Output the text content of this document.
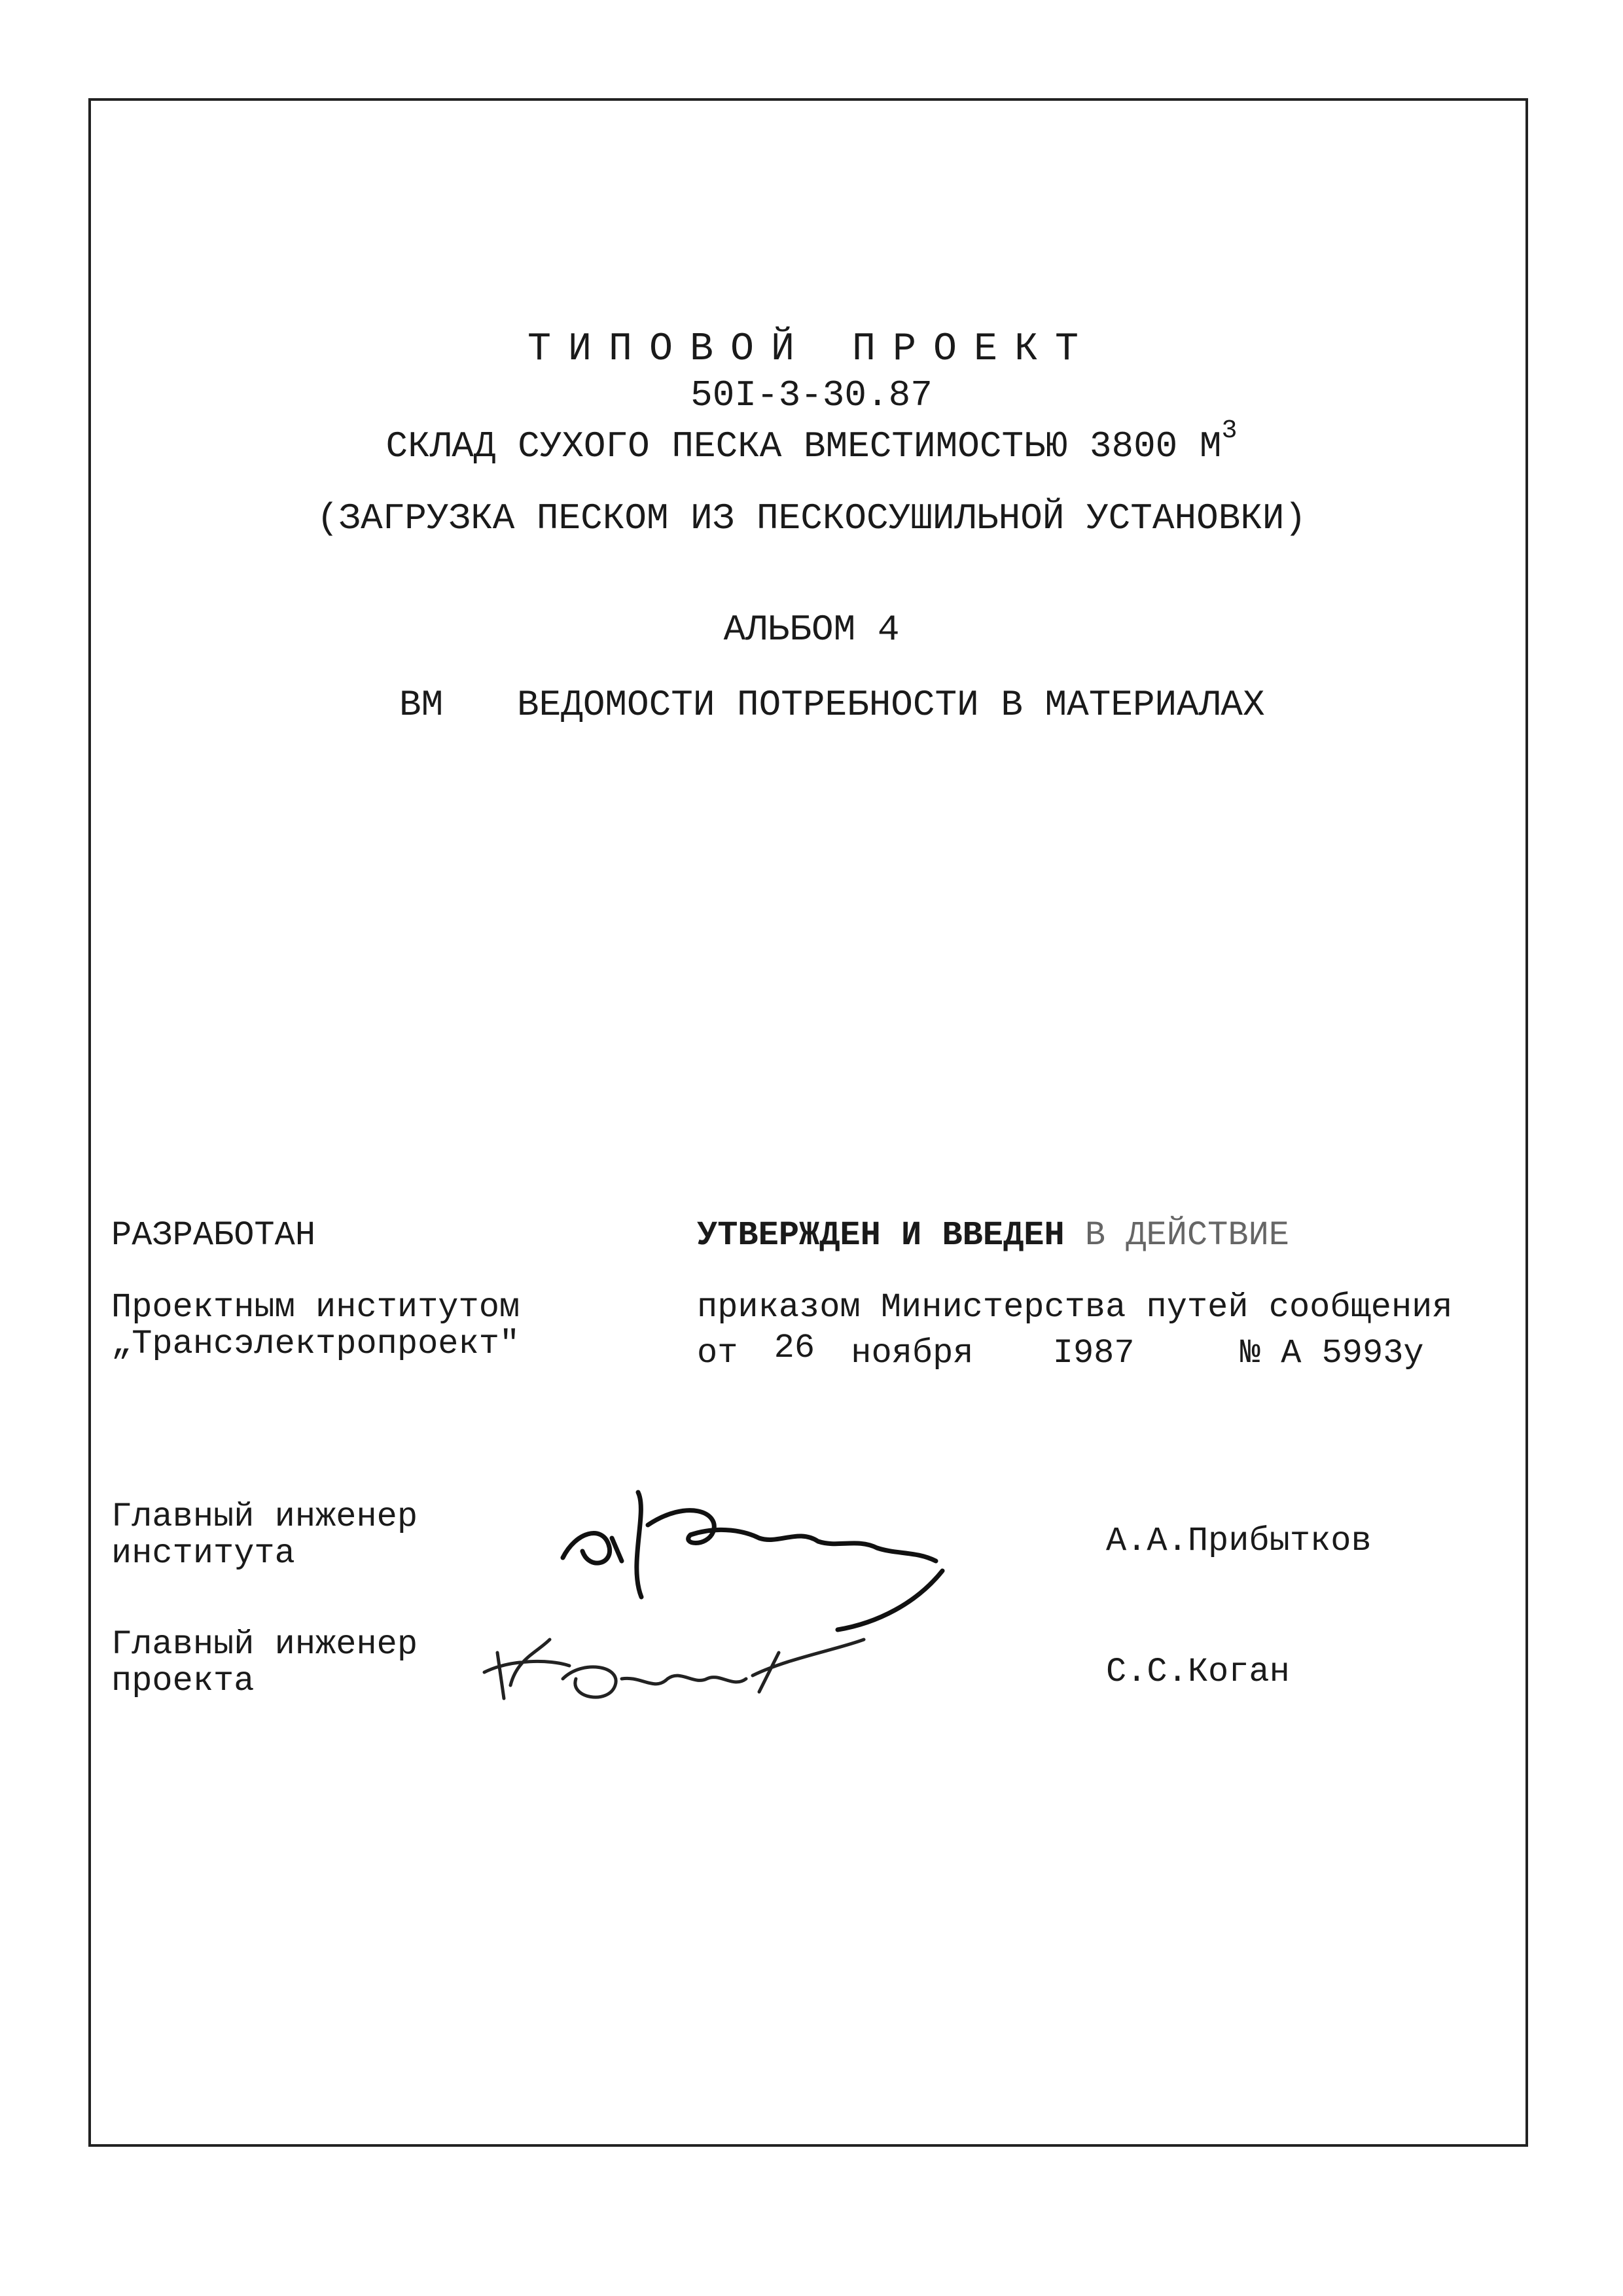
ТИПОВОЙ ПРОЕКТ
50I-3-30.87
СКЛАД СУХОГО ПЕСКА ВМЕСТИМОСТЬЮ 3800 $М^3$
(ЗАГРУЗКА ПЕСКОМ ИЗ ПЕСКОСУШИЛЬНОЙ УСТАНОВКИ)
АЛЬБОМ 4
ВМ ВЕДОМОСТИ ПОТРЕБНОСТИ В МАТЕРИАЛАХ
РАЗРАБОТАН
Проектным институтом
„Трансэлектропроект"
УТВЕРЖДЕН И ВВЕДЕН В ДЕЙСТВИЕ
приказом Министерства путей сообщения
от 26 ноября I987	№ А 5993у
Главный инженер
института	А.А.Прибытков
Главный инженер
проекта	С.С.Коган
